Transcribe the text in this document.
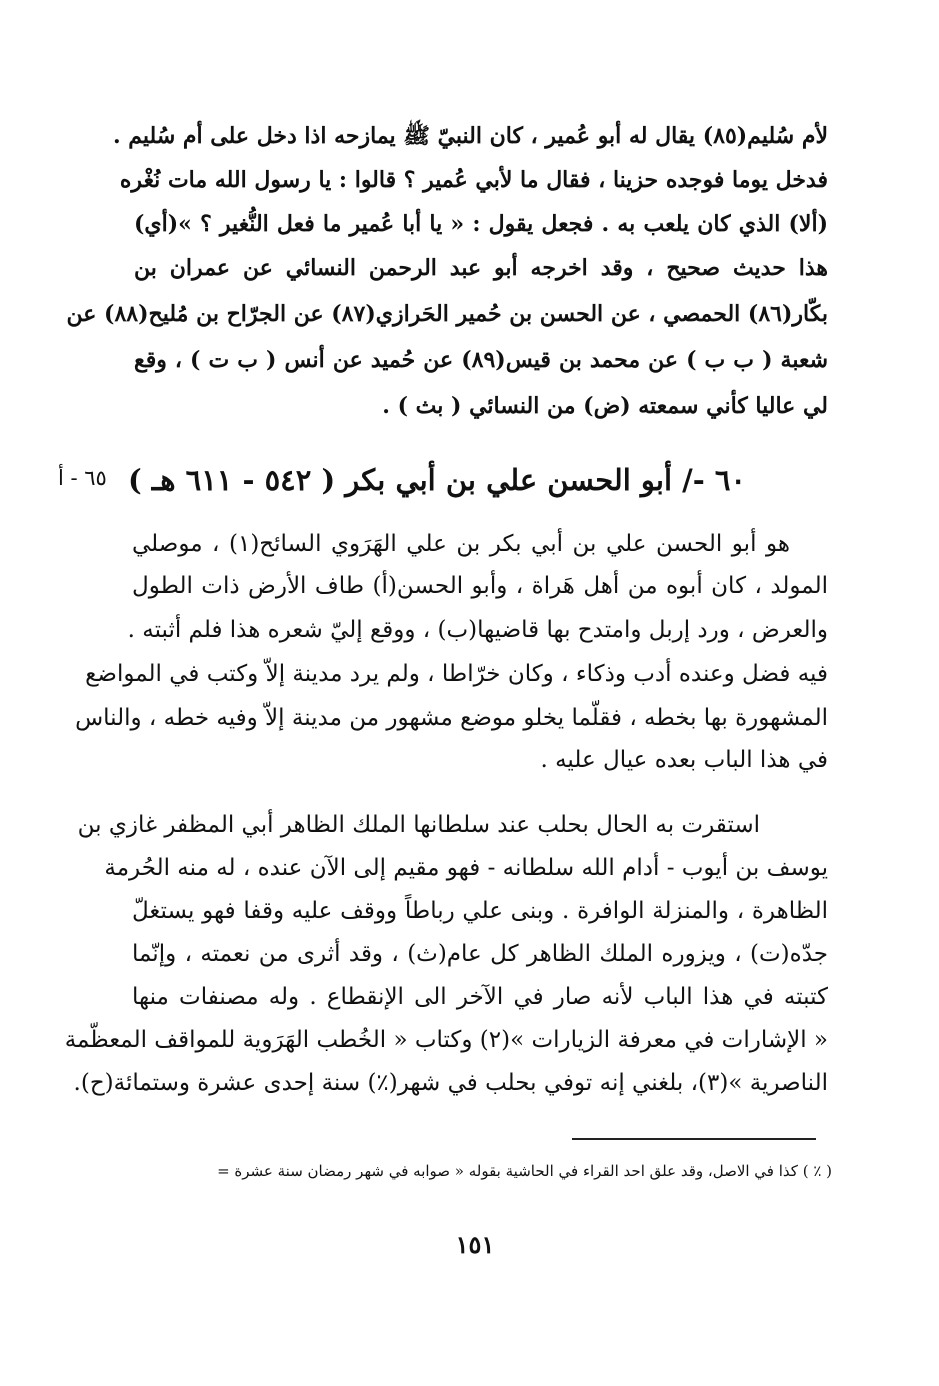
لأم سُليم(٨٥) يقال له أبو عُمير ، كان النبيّ ﷺ يمازحه اذا دخل على أم سُليم .
فدخل يوما فوجده حزينا ، فقال ما لأبي عُمير ؟ قالوا : يا رسول الله مات نُغْره
(ألا) الذي كان يلعب به . فجعل يقول : « يا أبا عُمير ما فعل النُّغير ؟ »(أي)
هذا حديث صحيح ، وقد اخرجه أبو عبد الرحمن النسائي عن عمران بن
بكّار(٨٦) الحمصي ، عن الحسن بن حُمير الحَرازي(٨٧) عن الجرّاح بن مُليح(٨٨) عن
شعبة ( ب ب ) عن محمد بن قيس(٨٩) عن حُميد عن أنس ( ب ت ) ، وقع
لي عاليا كأني سمعته (ض) من النسائي ( بث ) .
٦٠ -/ أبو الحسن علي بن أبي بكر ( ٥٤٢ - ٦١١ هـ )
٦٥ - أ
هو أبو الحسن علي بن أبي بكر بن علي الهَرَوي السائح(١) ، موصلي
المولد ، كان أبوه من أهل هَراة ، وأبو الحسن(أ) طاف الأرض ذات الطول
والعرض ، ورد إربل وامتدح بها قاضيها(ب) ، ووقع إليّ شعره هذا فلم أثبته .
فيه فضل وعنده أدب وذكاء ، وكان خرّاطا ، ولم يرد مدينة إلاّ وكتب في المواضع
المشهورة بها بخطه ، فقلّما يخلو موضع مشهور من مدينة إلاّ وفيه خطه ، والناس
في هذا الباب بعده عيال عليه .
استقرت به الحال بحلب عند سلطانها الملك الظاهر أبي المظفر غازي بن
يوسف بن أيوب - أدام الله سلطانه - فهو مقيم إلى الآن عنده ، له منه الحُرمة
الظاهرة ، والمنزلة الوافرة . وبنى علي رباطاً ووقف عليه وقفا فهو يستغلّ
جدّه(ت) ، ويزوره الملك الظاهر كل عام(ث) ، وقد أثرى من نعمته ، وإنّما
كتبته في هذا الباب لأنه صار في الآخر الى الإنقطاع . وله مصنفات منها
« الإشارات في معرفة الزيارات »(٢) وكتاب « الخُطب الهَرَوية للمواقف المعظّمة
الناصرية »(٣)، بلغني إنه توفي بحلب في شهر(٪) سنة إحدى عشرة وستمائة(ح).
( ٪ ) كذا في الاصل، وقد علق احد القراء في الحاشية بقوله « صوابه في شهر رمضان سنة عشرة =
١٥١
